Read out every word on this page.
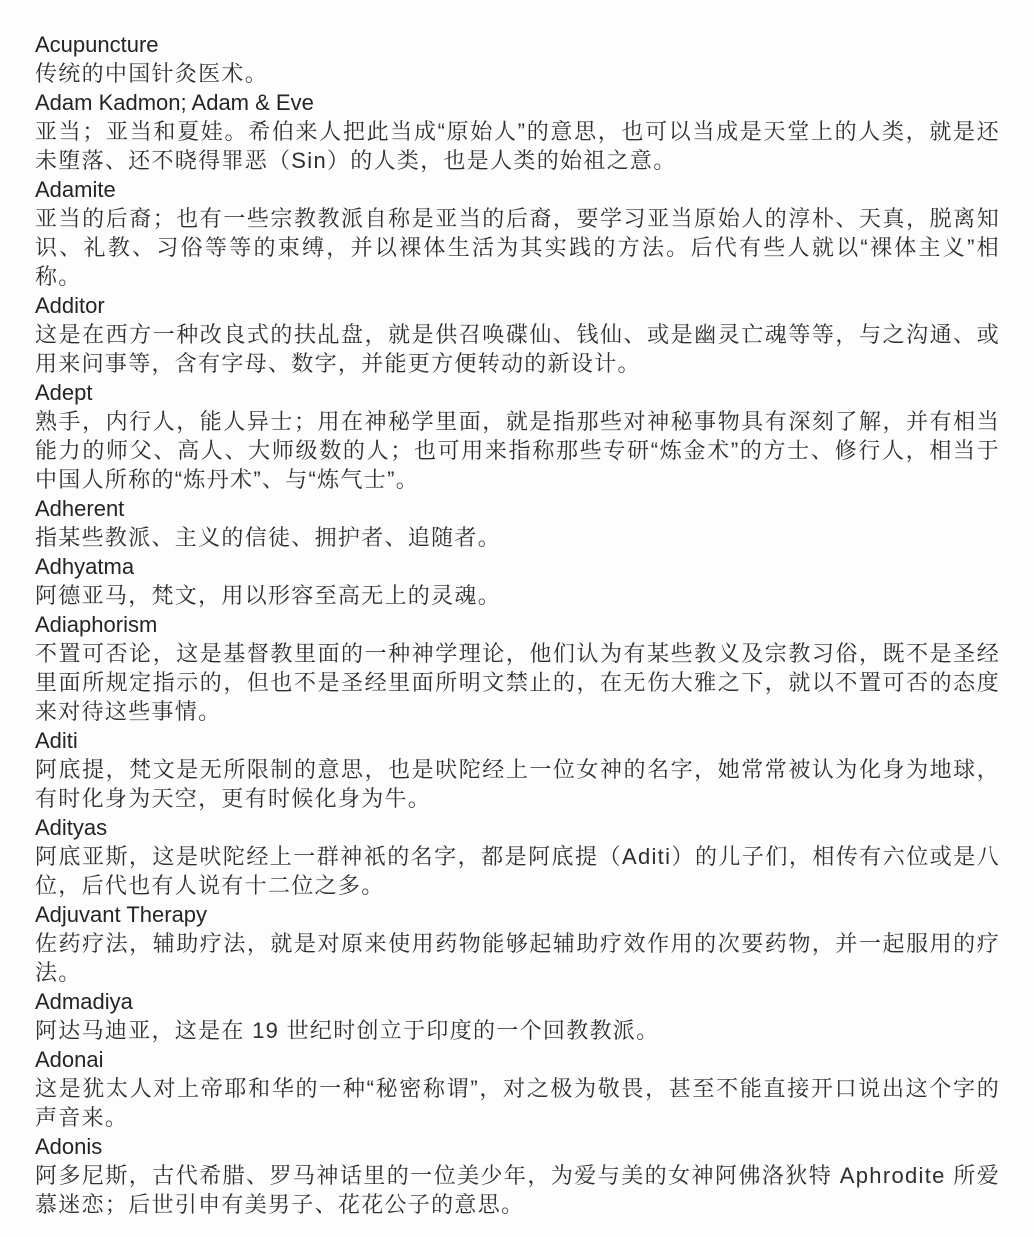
Acupuncture

传统的中国针灸医术。

Adam Kadmon; Adam & Eve

亚当；亚当和夏娃。希伯来人把此当成“原始人”的意思，也可以当成是天堂上的人类，就是还未堕落、还不晓得罪恶（Sin）的人类，也是人类的始祖之意。

Adamite

亚当的后裔；也有一些宗教教派自称是亚当的后裔，要学习亚当原始人的淳朴、天真，脱离知识、礼教、习俗等等的束缚，并以裸体生活为其实践的方法。后代有些人就以“裸体主义”相称。

Additor

这是在西方一种改良式的扶乩盘，就是供召唤碟仙、钱仙、或是幽灵亡魂等等，与之沟通、或用来问事等，含有字母、数字，并能更方便转动的新设计。

Adept

熟手，内行人，能人异士；用在神秘学里面，就是指那些对神秘事物具有深刻了解，并有相当能力的师父、高人、大师级数的人；也可用来指称那些专研“炼金术”的方士、修行人，相当于中国人所称的“炼丹术”、与“炼气士”。

Adherent

指某些教派、主义的信徒、拥护者、追随者。

Adhyatma

阿德亚马，梵文，用以形容至高无上的灵魂。

Adiaphorism

不置可否论，这是基督教里面的一种神学理论，他们认为有某些教义及宗教习俗，既不是圣经里面所规定指示的，但也不是圣经里面所明文禁止的，在无伤大雅之下，就以不置可否的态度来对待这些事情。

Aditi

阿底提，梵文是无所限制的意思，也是吠陀经上一位女神的名字，她常常被认为化身为地球，有时化身为天空，更有时候化身为牛。

Adityas

阿底亚斯，这是吠陀经上一群神祇的名字，都是阿底提（Aditi）的儿子们，相传有六位或是八位，后代也有人说有十二位之多。

Adjuvant Therapy

佐药疗法，辅助疗法，就是对原来使用药物能够起辅助疗效作用的次要药物，并一起服用的疗法。

Admadiya

阿达马迪亚，这是在 19 世纪时创立于印度的一个回教教派。

Adonai

这是犹太人对上帝耶和华的一种“秘密称谓”，对之极为敬畏，甚至不能直接开口说出这个字的声音来。

Adonis

阿多尼斯，古代希腊、罗马神话里的一位美少年，为爱与美的女神阿佛洛狄特 Aphrodite 所爱慕迷恋；后世引申有美男子、花花公子的意思。
